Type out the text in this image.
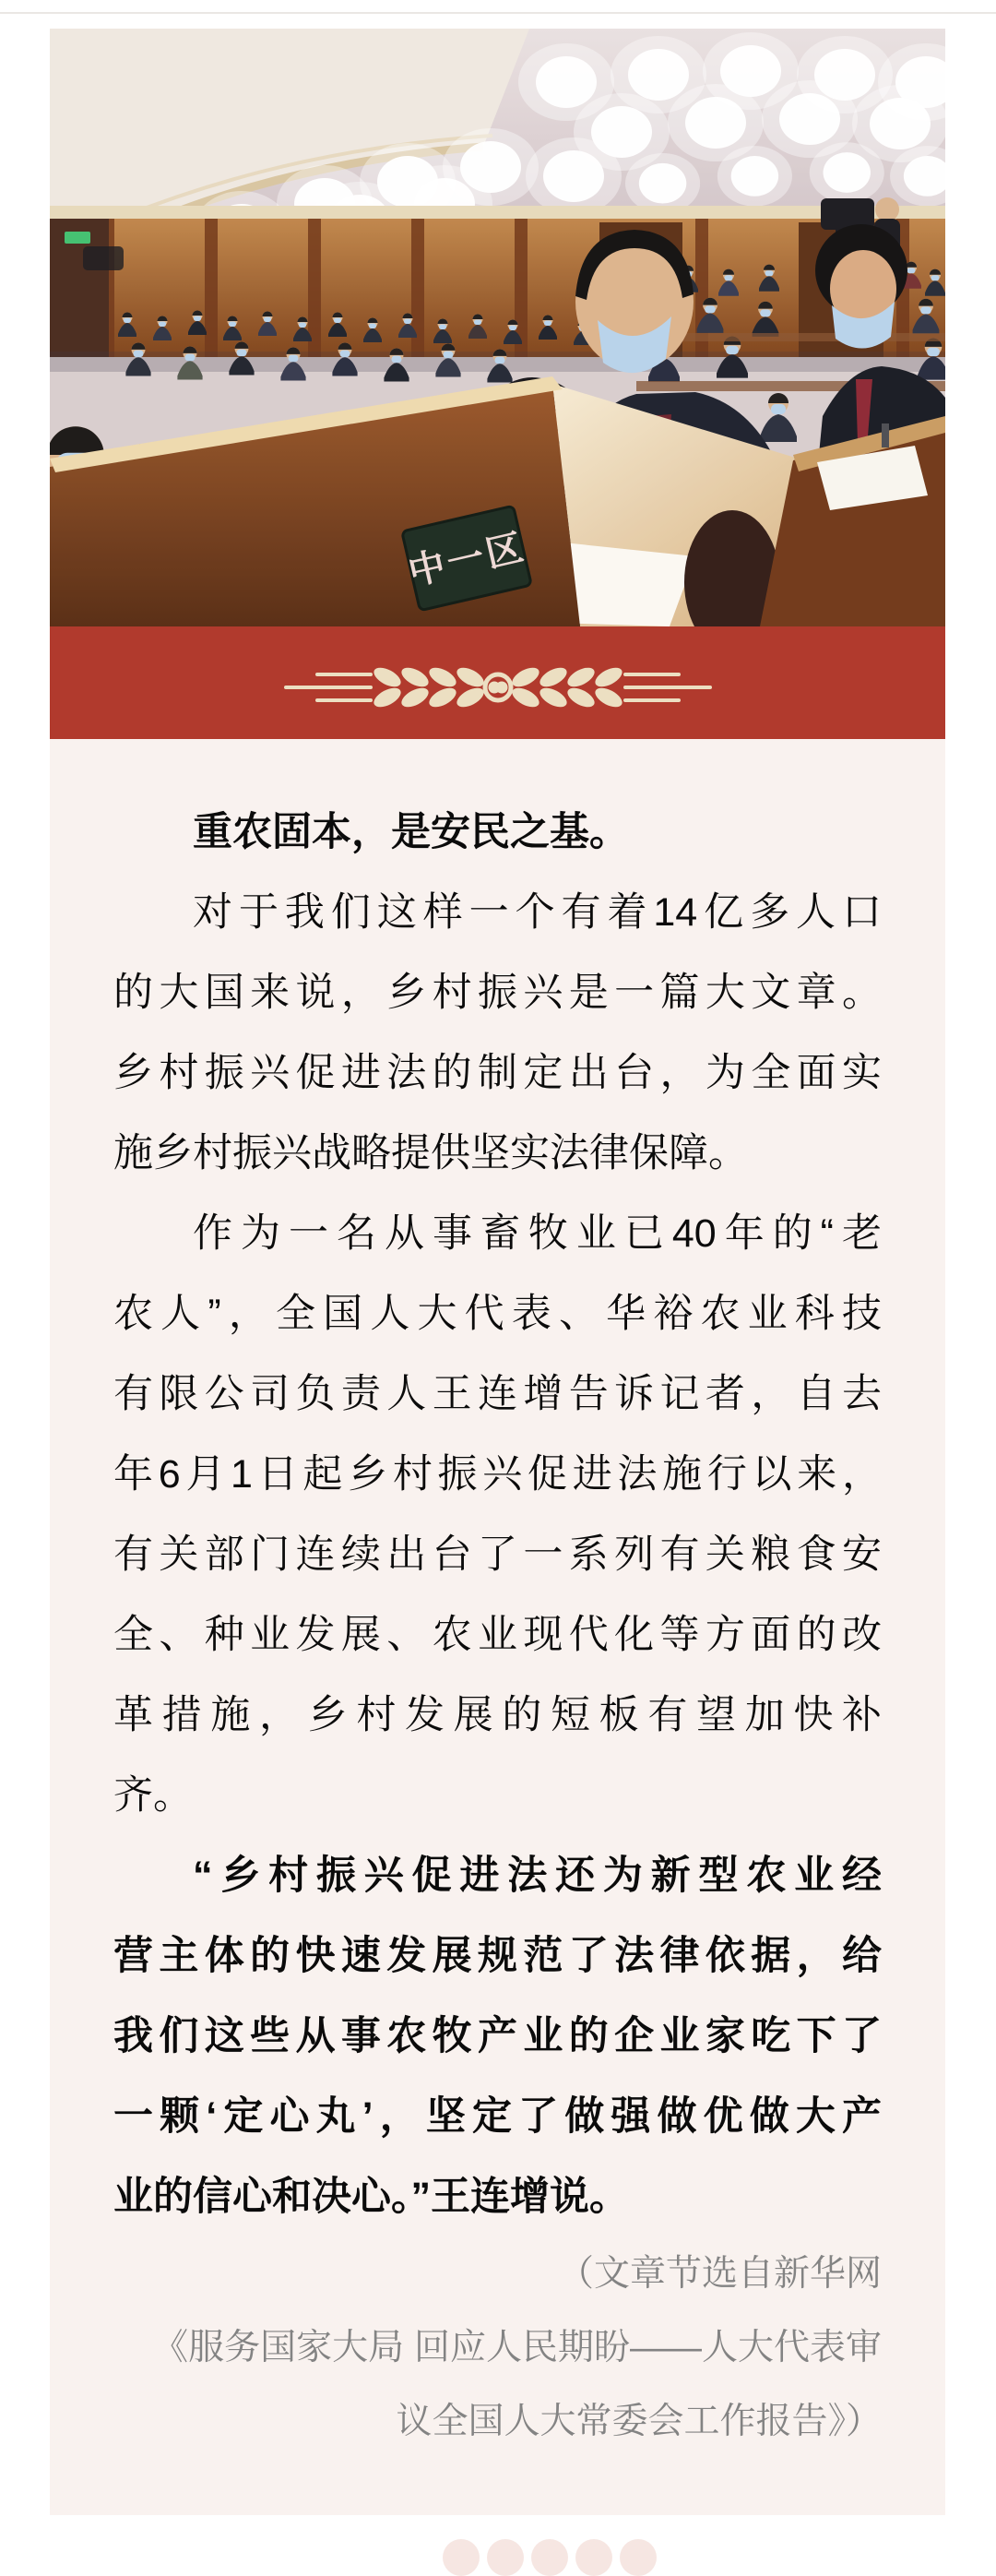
中一区
重农固本，是安民之基。
对于我们这样一个有着14亿多人口
的大国来说，乡村振兴是一篇大文章。
乡村振兴促进法的制定出台，为全面实
施乡村振兴战略提供坚实法律保障。
作为一名从事畜牧业已40年的“老
农人”，全国人大代表、华裕农业科技
有限公司负责人王连增告诉记者，自去
年6月1日起乡村振兴促进法施行以来，
有关部门连续出台了一系列有关粮食安
全、种业发展、农业现代化等方面的改
革措施，乡村发展的短板有望加快补
齐。
“乡村振兴促进法还为新型农业经
营主体的快速发展规范了法律依据，给
我们这些从事农牧产业的企业家吃下了
一颗‘定心丸’，坚定了做强做优做大产
业的信心和决心。”王连增说。
（文章节选自新华网
《服务国家大局 回应人民期盼——人大代表审
议全国人大常委会工作报告》）
